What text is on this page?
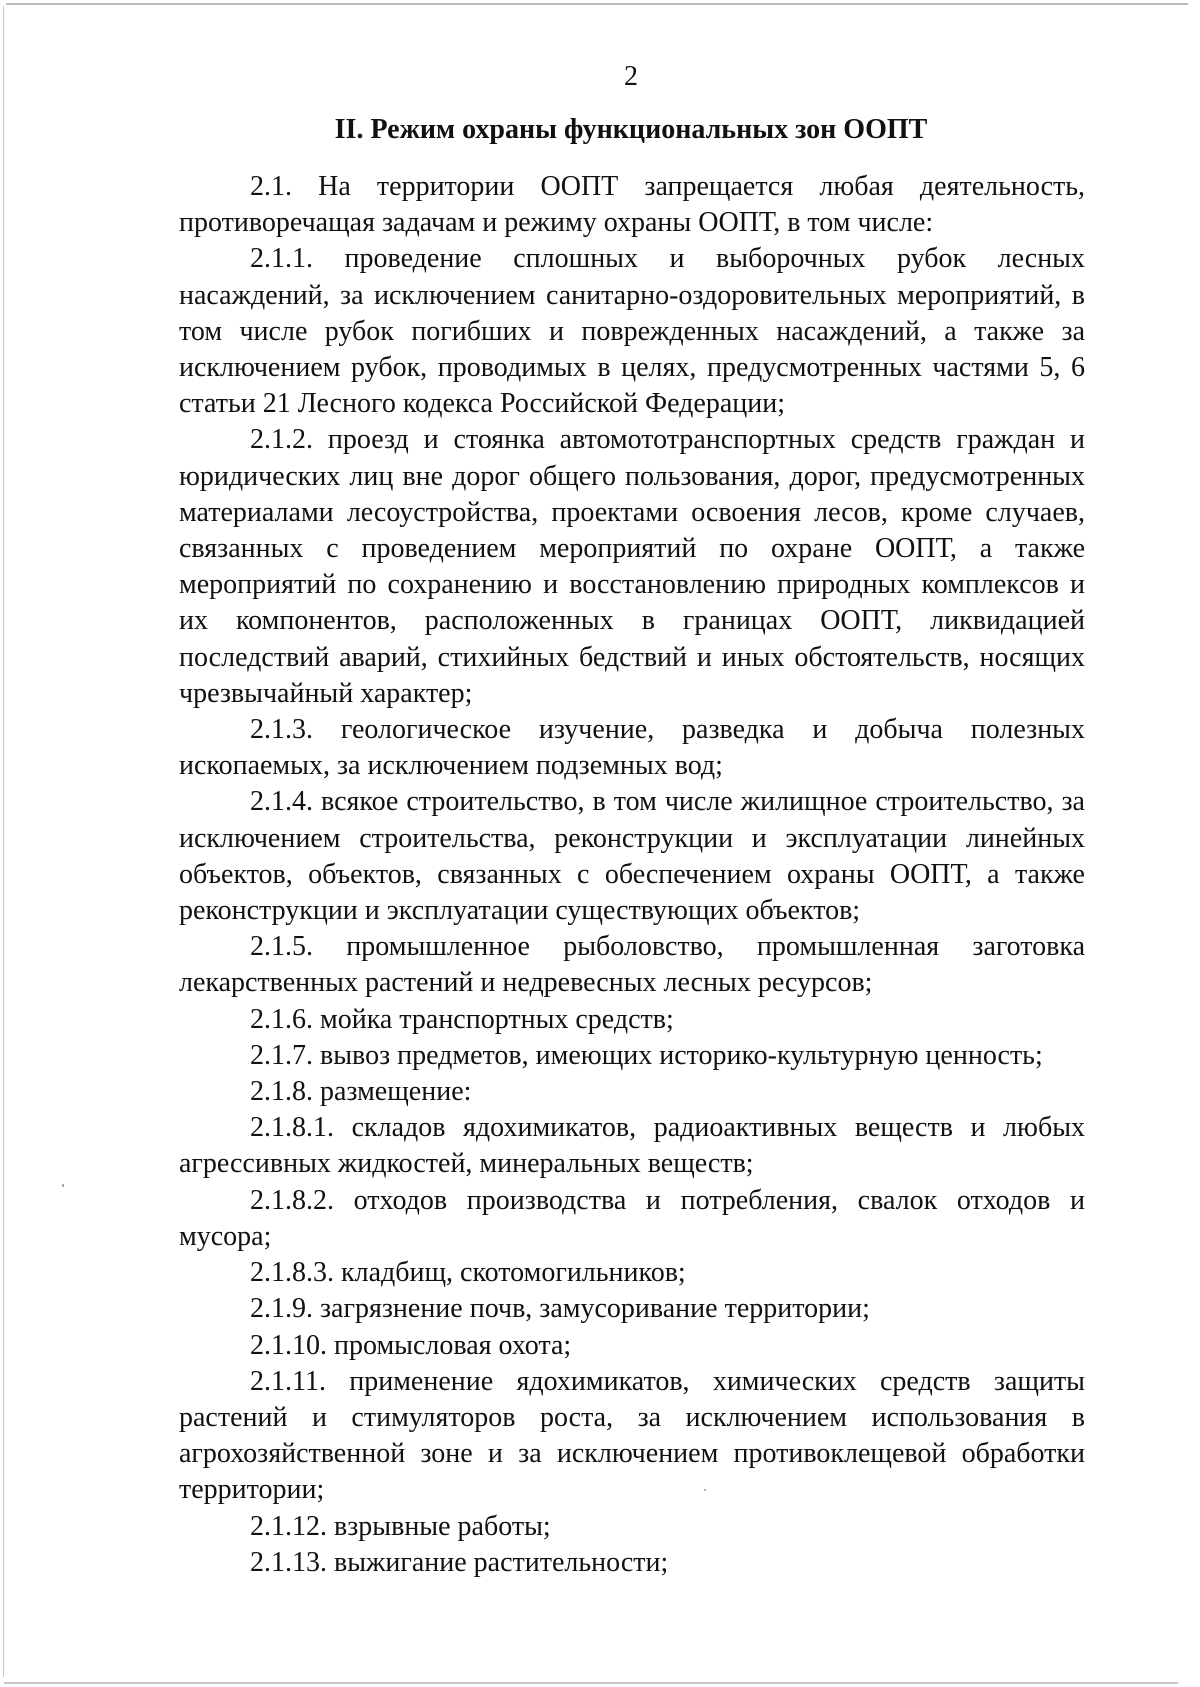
2
II. Режим охраны функциональных зон ООПТ

2.1. На территории ООПТ запрещается любая деятельность, противоречащая задачам и режиму охраны ООПТ, в том числе:

2.1.1. проведение сплошных и выборочных рубок лесных насаждений, за исключением санитарно-оздоровительных мероприятий, в том числе рубок погибших и поврежденных насаждений, а также за исключением рубок, проводимых в целях, предусмотренных частями 5, 6 статьи 21 Лесного кодекса Российской Федерации;

2.1.2. проезд и стоянка автомототранспортных средств граждан и юридических лиц вне дорог общего пользования, дорог, предусмотренных материалами лесоустройства, проектами освоения лесов, кроме случаев, связанных с проведением мероприятий по охране ООПТ, а также мероприятий по сохранению и восстановлению природных комплексов и их компонентов, расположенных в границах ООПТ, ликвидацией последствий аварий, стихийных бедствий и иных обстоятельств, носящих чрезвычайный характер;

2.1.3. геологическое изучение, разведка и добыча полезных ископаемых, за исключением подземных вод;

2.1.4. всякое строительство, в том числе жилищное строительство, за исключением строительства, реконструкции и эксплуатации линейных объектов, объектов, связанных с обеспечением охраны ООПТ, а также реконструкции и эксплуатации существующих объектов;

2.1.5. промышленное рыболовство, промышленная заготовка лекарственных растений и недревесных лесных ресурсов;

2.1.6. мойка транспортных средств;

2.1.7. вывоз предметов, имеющих историко-культурную ценность;

2.1.8. размещение:

2.1.8.1. складов ядохимикатов, радиоактивных веществ и любых агрессивных жидкостей, минеральных веществ;

2.1.8.2. отходов производства и потребления, свалок отходов и мусора;

2.1.8.3. кладбищ, скотомогильников;

2.1.9. загрязнение почв, замусоривание территории;

2.1.10. промысловая охота;

2.1.11. применение ядохимикатов, химических средств защиты растений и стимуляторов роста, за исключением использования в агрохозяйственной зоне и за исключением противоклещевой обработки территории;

2.1.12. взрывные работы;

2.1.13. выжигание растительности;
